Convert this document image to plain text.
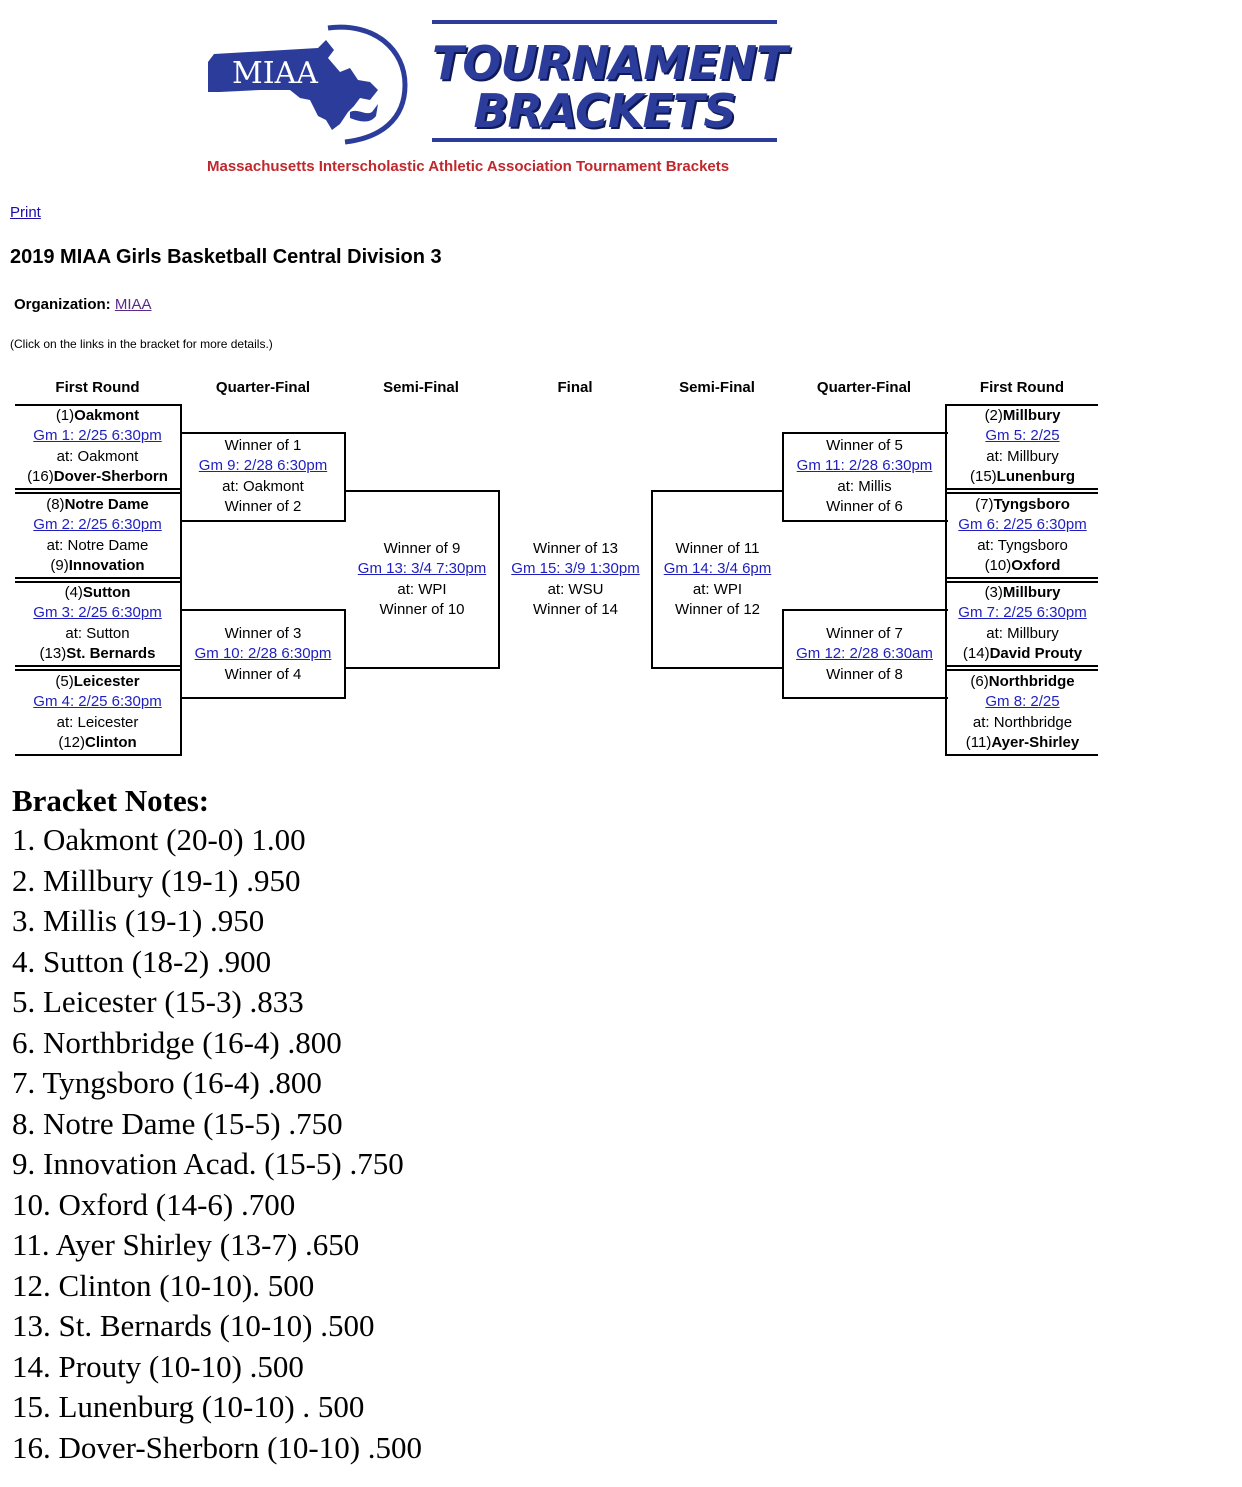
MIAA TOURNAMENT
BRACKETS
Massachusetts Interscholastic Athletic Association Tournament Brackets
Print
2019 MIAA Girls Basketball Central Division 3
Organization: MIAA
(Click on the links in the bracket for more details.)
First Round	Quarter-Final	Semi-Final	Final	Semi-Final	Quarter-Final	First Round
(1)Oakmont
Gm 1: 2/25 6:30pm
at: Oakmont
(16)Dover-Sherborn
(8)Notre Dame
Gm 2: 2/25 6:30pm
at: Notre Dame
(9)Innovation
(4)Sutton
Gm 3: 2/25 6:30pm
at: Sutton
(13)St. Bernards
(5)Leicester
Gm 4: 2/25 6:30pm
at: Leicester
(12)Clinton
Winner of 1
Gm 9: 2/28 6:30pm
at: Oakmont
Winner of 2
Winner of 3
Gm 10: 2/28 6:30pm
Winner of 4
Winner of 9
Gm 13: 3/4 7:30pm
at: WPI
Winner of 10
Winner of 13
Gm 15: 3/9 1:30pm
at: WSU
Winner of 14
Winner of 11
Gm 14: 3/4 6pm
at: WPI
Winner of 12
Winner of 5
Gm 11: 2/28 6:30pm
at: Millis
Winner of 6
Winner of 7
Gm 12: 2/28 6:30am
Winner of 8
(2)Millbury
Gm 5: 2/25
at: Millbury
(15)Lunenburg
(7)Tyngsboro
Gm 6: 2/25 6:30pm
at: Tyngsboro
(10)Oxford
(3)Millbury
Gm 7: 2/25 6:30pm
at: Millbury
(14)David Prouty
(6)Northbridge
Gm 8: 2/25
at: Northbridge
(11)Ayer-Shirley
Bracket Notes:
1. Oakmont (20-0) 1.00
2. Millbury (19-1) .950
3. Millis (19-1) .950
4. Sutton (18-2) .900
5. Leicester (15-3) .833
6. Northbridge (16-4) .800
7. Tyngsboro (16-4) .800
8. Notre Dame (15-5) .750
9. Innovation Acad. (15-5) .750
10. Oxford (14-6) .700
11. Ayer Shirley (13-7) .650
12. Clinton (10-10). 500
13. St. Bernards (10-10) .500
14. Prouty (10-10) .500
15. Lunenburg (10-10) . 500
16. Dover-Sherborn (10-10) .500
